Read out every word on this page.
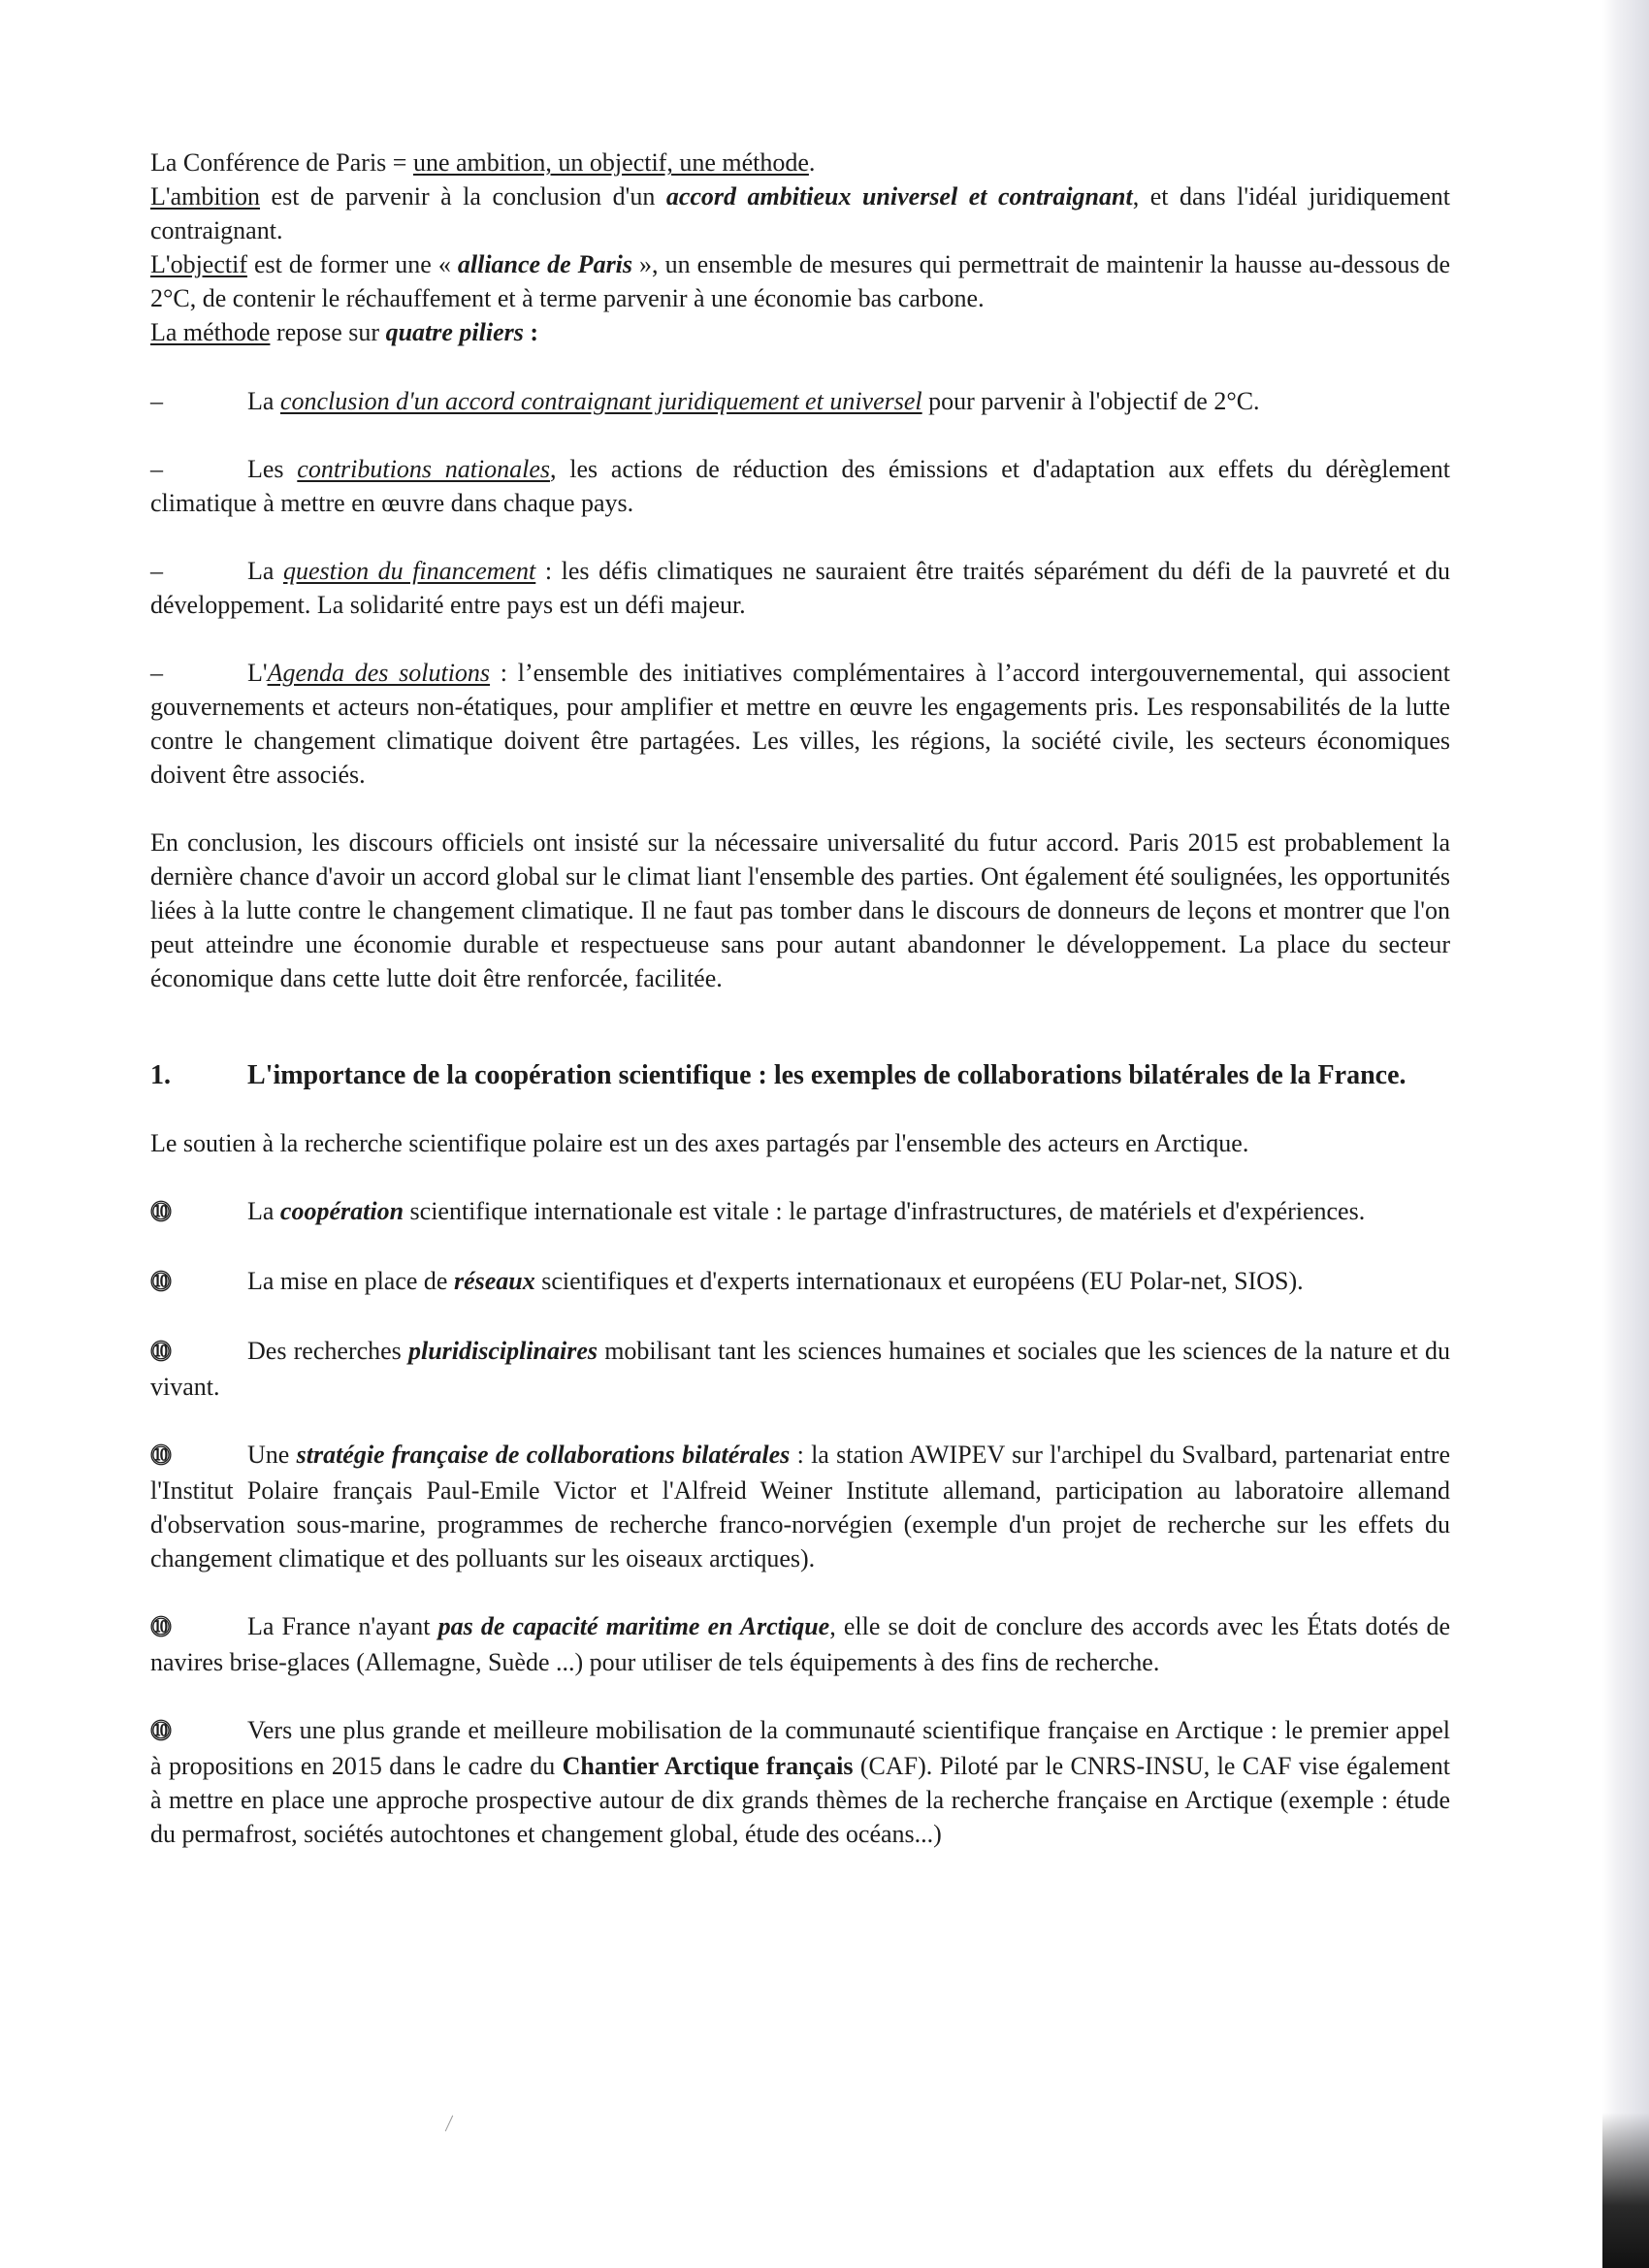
La Conférence de Paris = une ambition, un objectif, une méthode.

L'ambition est de parvenir à la conclusion d'un accord ambitieux universel et contraignant, et dans l'idéal juridiquement contraignant.

L'objectif est de former une « alliance de Paris », un ensemble de mesures qui permettrait de maintenir la hausse au-dessous de 2°C, de contenir le réchauffement et à terme parvenir à une économie bas carbone.

La méthode repose sur quatre piliers :

–	La conclusion d'un accord contraignant juridiquement et universel pour parvenir à l'objectif de 2°C.

–	Les contributions nationales, les actions de réduction des émissions et d'adaptation aux effets du dérèglement climatique à mettre en œuvre dans chaque pays.

–	La question du financement : les défis climatiques ne sauraient être traités séparément du défi de la pauvreté et du développement. La solidarité entre pays est un défi majeur.

–	L'Agenda des solutions : l’ensemble des initiatives complémentaires à l’accord intergouvernemental, qui associent gouvernements et acteurs non-étatiques, pour amplifier et mettre en œuvre les engagements pris. Les responsabilités de la lutte contre le changement climatique doivent être partagées. Les villes, les régions, la société civile, les secteurs économiques doivent être associés.

En conclusion, les discours officiels ont insisté sur la nécessaire universalité du futur accord. Paris 2015 est probablement la dernière chance d'avoir un accord global sur le climat liant l'ensemble des parties. Ont également été soulignées, les opportunités liées à la lutte contre le changement climatique. Il ne faut pas tomber dans le discours de donneurs de leçons et montrer que l'on peut atteindre une économie durable et respectueuse sans pour autant abandonner le développement. La place du secteur économique dans cette lutte doit être renforcée, facilitée.

1.	L'importance de la coopération scientifique : les exemples de collaborations bilatérales de la France.

Le soutien à la recherche scientifique polaire est un des axes partagés par l'ensemble des acteurs en Arctique.

⓾	La coopération scientifique internationale est vitale : le partage d'infrastructures, de matériels et d'expériences.

⓾	La mise en place de réseaux scientifiques et d'experts internationaux et européens (EU Polar-net, SIOS).

⓾	Des recherches pluridisciplinaires mobilisant tant les sciences humaines et sociales que les sciences de la nature et du vivant.

⓾	Une stratégie française de collaborations bilatérales : la station AWIPEV sur l'archipel du Svalbard, partenariat entre l'Institut Polaire français Paul-Emile Victor et l'Alfreid Weiner Institute allemand, participation au laboratoire allemand d'observation sous-marine, programmes de recherche franco-norvégien (exemple d'un projet de recherche sur les effets du changement climatique et des polluants sur les oiseaux arctiques).

⓾	La France n'ayant pas de capacité maritime en Arctique, elle se doit de conclure des accords avec les États dotés de navires brise-glaces (Allemagne, Suède ...) pour utiliser de tels équipements à des fins de recherche.

⓾	Vers une plus grande et meilleure mobilisation de la communauté scientifique française en Arctique : le premier appel à propositions en 2015 dans le cadre du Chantier Arctique français (CAF). Piloté par le CNRS-INSU, le CAF vise également à mettre en place une approche prospective autour de dix grands thèmes de la recherche française en Arctique (exemple : étude du permafrost, sociétés autochtones et changement global, étude des océans...)
